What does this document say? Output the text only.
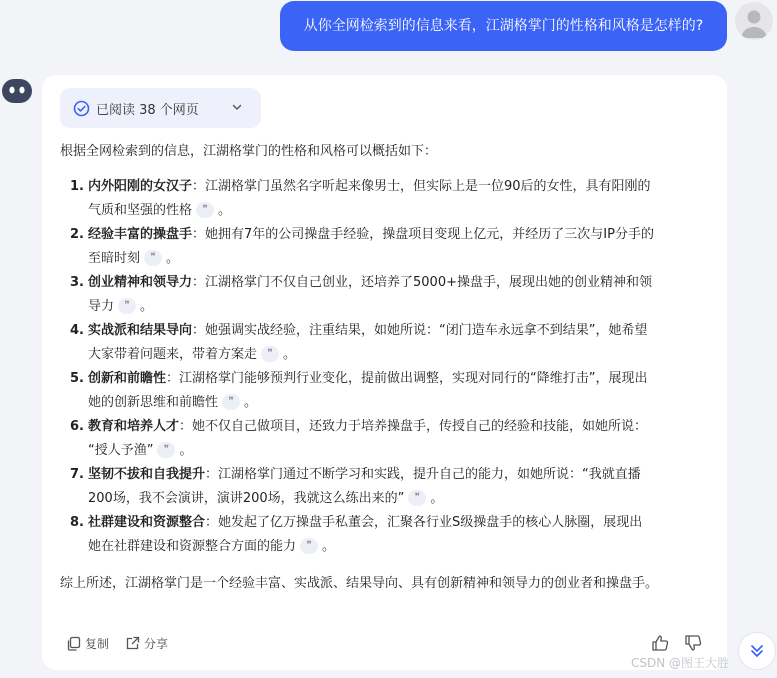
从你全网检索到的信息来看，江湖格掌门的性格和风格是怎样的?
已阅读 38 个网页
根据全网检索到的信息，江湖格掌门的性格和风格可以概括如下：
1. 内外阳刚的女汉子：江湖格掌门虽然名字听起来像男士，但实际上是一位90后的女性，具有阳刚的
气质和坚强的性格 ❞ 。
2. 经验丰富的操盘手：她拥有7年的公司操盘手经验，操盘项目变现上亿元，并经历了三次与IP分手的
至暗时刻 ❞ 。
3. 创业精神和领导力：江湖格掌门不仅自己创业，还培养了5000+操盘手，展现出她的创业精神和领
导力 ❞ 。
4. 实战派和结果导向：她强调实战经验，注重结果，如她所说：“闭门造车永远拿不到结果”，她希望
大家带着问题来，带着方案走 ❞ 。
5. 创新和前瞻性：江湖格掌门能够预判行业变化，提前做出调整，实现对同行的“降维打击”，展现出
她的创新思维和前瞻性 ❞ 。
6. 教育和培养人才：她不仅自己做项目，还致力于培养操盘手，传授自己的经验和技能，如她所说：
“授人予渔” ❞ 。
7. 坚韧不拔和自我提升：江湖格掌门通过不断学习和实践，提升自己的能力，如她所说：“我就直播
200场，我不会演讲，演讲200场，我就这么练出来的” ❞ 。
8. 社群建设和资源整合：她发起了亿万操盘手私董会，汇聚各行业S级操盘手的核心人脉圈，展现出
她在社群建设和资源整合方面的能力 ❞ 。
综上所述，江湖格掌门是一个经验丰富、实战派、结果导向、具有创新精神和领导力的创业者和操盘手。
复制	分享
CSDN @图王大胜
